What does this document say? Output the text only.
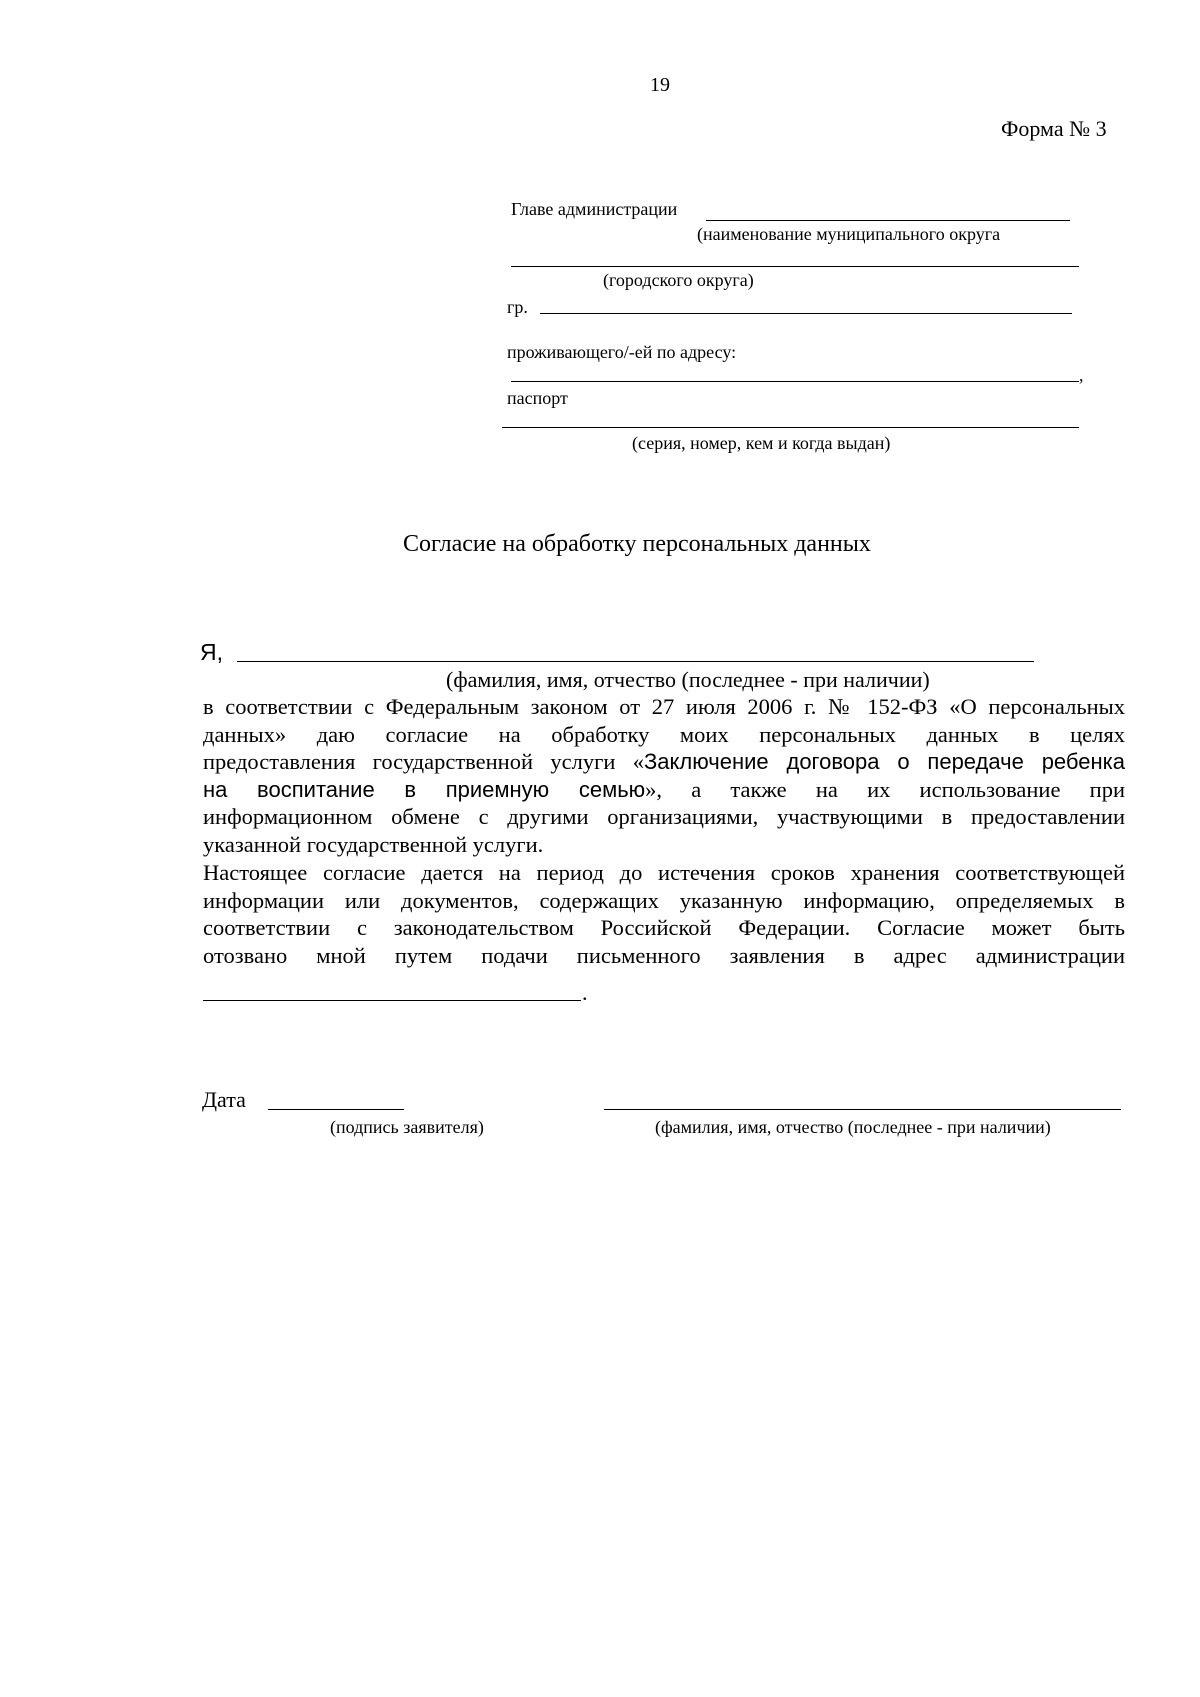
19
Форма № 3
Главе администрации
(наименование муниципального округа
(городского округа)
гр.
проживающего/-ей по адресу:
,
паспорт
(серия, номер, кем и когда выдан)
Согласие на обработку персональных данных
Я,
(фамилия, имя, отчество (последнее - при наличии)
в соответствии с Федеральным законом от 27 июля 2006 г. № 152-ФЗ «О персональных
данных» даю согласие на обработку моих персональных данных в целях
предоставления государственной услуги «Заключение договора о передаче ребенка
на воспитание в приемную семью», а также на их использование при
информационном обмене с другими организациями, участвующими в предоставлении
указанной государственной услуги.
Настоящее согласие дается на период до истечения сроков хранения соответствующей
информации или документов, содержащих указанную информацию, определяемых в
соответствии с законодательством Российской Федерации. Согласие может быть
отозвано мной путем подачи письменного заявления в адрес администрации
.
Дата
(подпись заявителя)	(фамилия, имя, отчество (последнее - при наличии)
